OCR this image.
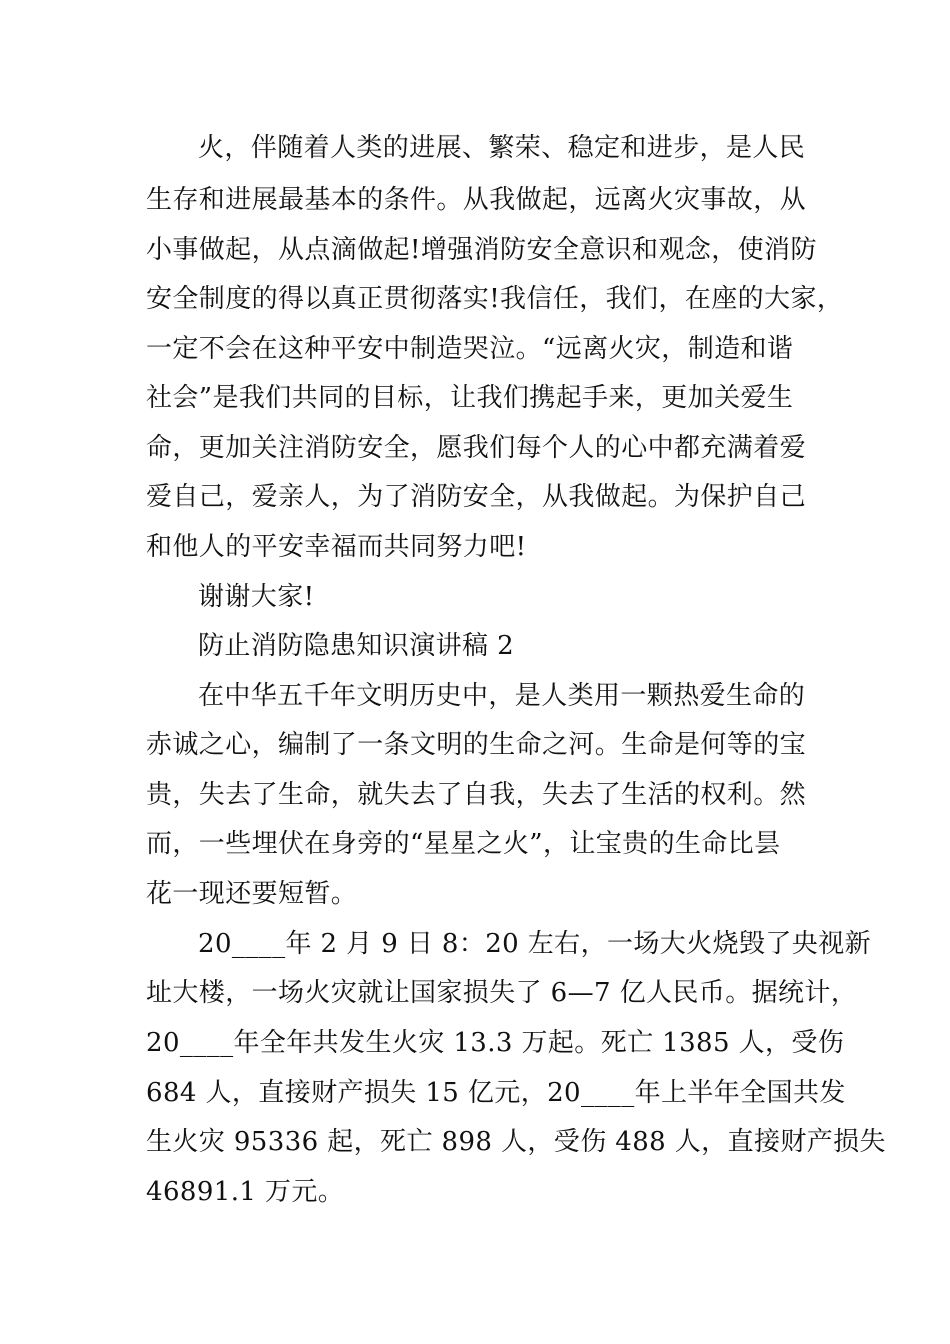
火，伴随着人类的进展、繁荣、稳定和进步，是人民
生存和进展最基本的条件。从我做起，远离火灾事故，从
小事做起，从点滴做起!增强消防安全意识和观念，使消防
安全制度的得以真正贯彻落实!我信任，我们，在座的大家，
一定不会在这种平安中制造哭泣。“远离火灾，制造和谐
社会”是我们共同的目标，让我们携起手来，更加关爱生
命，更加关注消防安全，愿我们每个人的心中都充满着爱
爱自己，爱亲人，为了消防安全，从我做起。为保护自己
和他人的平安幸福而共同努力吧!
谢谢大家!
防止消防隐患知识演讲稿 2
在中华五千年文明历史中，是人类用一颗热爱生命的
赤诚之心，编制了一条文明的生命之河。生命是何等的宝
贵，失去了生命，就失去了自我，失去了生活的权利。然
而，一些埋伏在身旁的“星星之火”，让宝贵的生命比昙
花一现还要短暂。
20____年 2 月 9 日 8：20 左右，一场大火烧毁了央视新
址大楼，一场火灾就让国家损失了 6—7 亿人民币。据统计，
20____年全年共发生火灾 13.3 万起。死亡 1385 人，受伤
684 人，直接财产损失 15 亿元，20____年上半年全国共发
生火灾 95336 起，死亡 898 人，受伤 488 人，直接财产损失
46891.1 万元。
